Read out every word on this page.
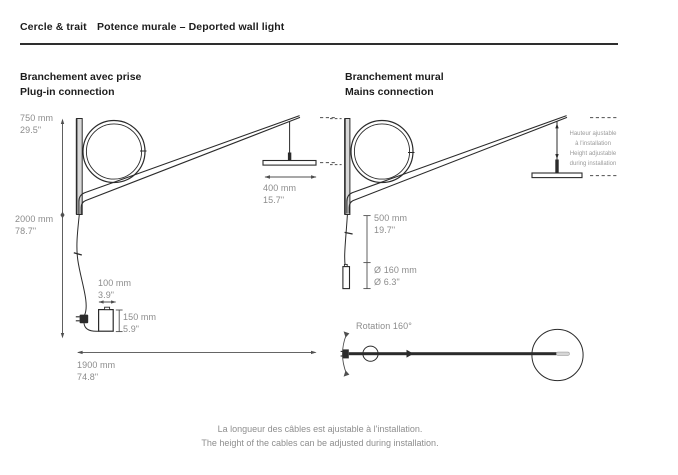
Cercle & trait Potence murale – Deported wall light
Branchement avec prise
Plug-in connection
Branchement mural
Mains connection
750 mm
29.5"
2000 mm
78.7"
400 mm
15.7"
100 mm
3.9"
150 mm
5.9"
1900 mm
74.8"
500 mm
19.7"
Ø 160 mm
Ø 6.3"
Hauteur ajustable
à l'installation
Height adjustable
during installation
Rotation 160°
La longueur des câbles est ajustable à l'installation.
The height of the cables can be adjusted during installation.
